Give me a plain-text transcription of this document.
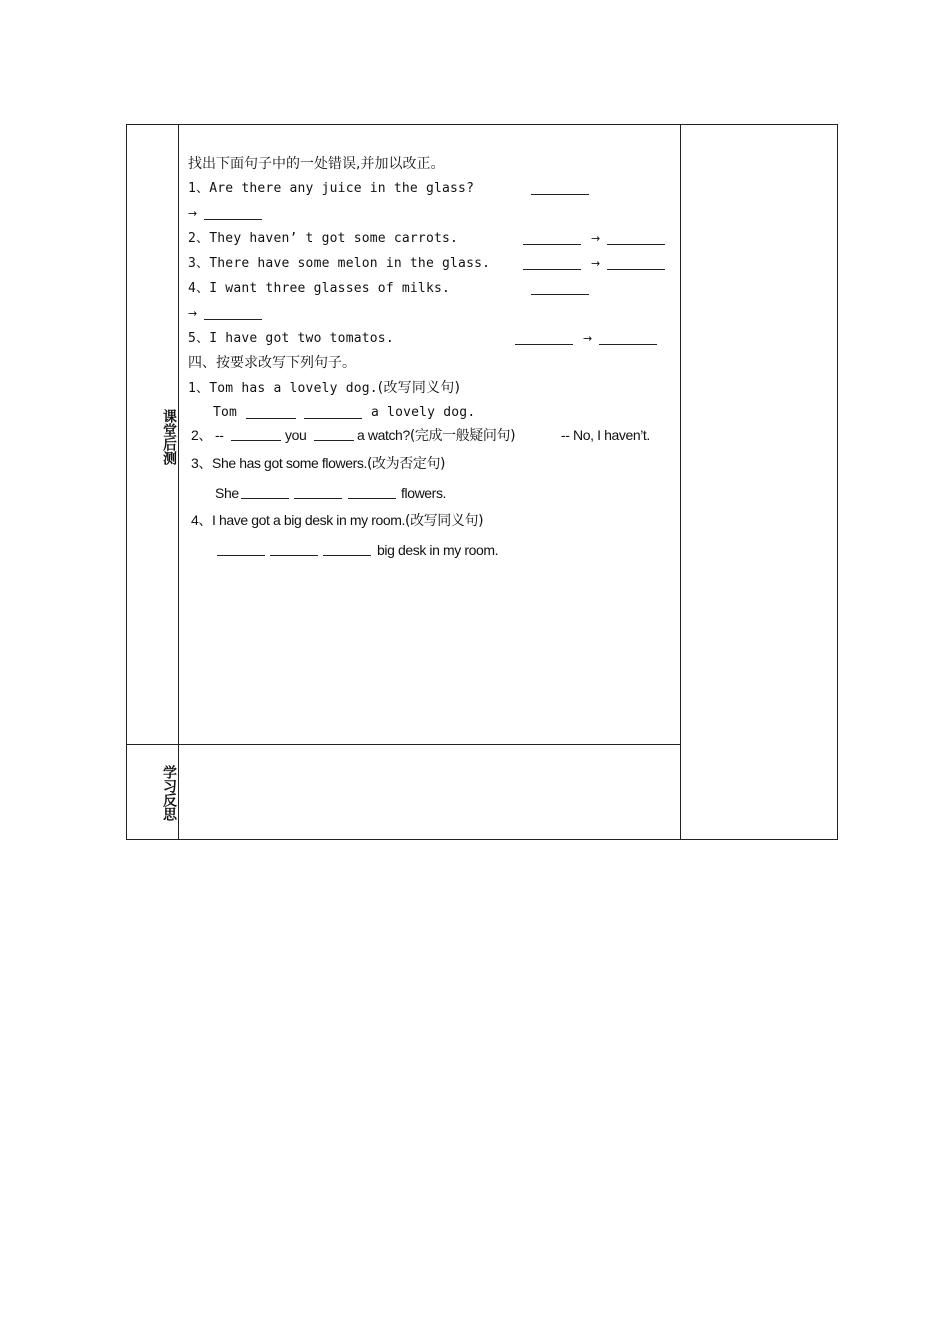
课堂后测
学习反思
找出下面句子中的一处错误,并加以改正。
1、Are there any juice in the glass?
→
2、They haven’ t got some carrots.	→
3、There have some melon in the glass.	→
4、I want three glasses of milks.
→
5、I have got two tomatos.	→
四、按要求改写下列句子。
1、Tom has a lovely dog.(改写同义句)
Tom	a lovely dog.
2、 --	you	a watch?(完成一般疑问句)	-- No, I haven’t.
3、She has got some flowers.(改为否定句)
She	flowers.
4、I have got a big desk in my room.(改写同义句)
big desk in my room.
